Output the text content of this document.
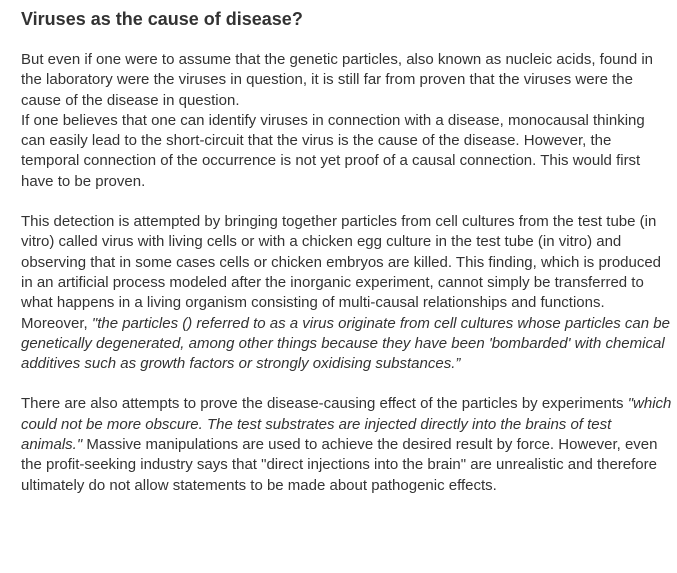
Viruses as the cause of disease?

But even if one were to assume that the genetic particles, also known as nucleic acids, found in the laboratory were the viruses in question, it is still far from proven that the viruses were the cause of the disease in question.

If one believes that one can identify viruses in connection with a disease, monocausal thinking can easily lead to the short-circuit that the virus is the cause of the disease. However, the temporal connection of the occurrence is not yet proof of a causal connection. This would first have to be proven.

This detection is attempted by bringing together particles from cell cultures from the test tube (in vitro) called virus with living cells or with a chicken egg culture in the test tube (in vitro) and observing that in some cases cells or chicken embryos are killed. This finding, which is produced in an artificial process modeled after the inorganic experiment, cannot simply be transferred to what happens in a living organism consisting of multi-causal relationships and functions. Moreover, "the particles () referred to as a virus originate from cell cultures whose particles can be genetically degenerated, among other things because they have been 'bombarded' with chemical additives such as growth factors or strongly oxidising substances.”

There are also attempts to prove the disease-causing effect of the particles by experiments "which could not be more obscure. The test substrates are injected directly into the brains of test animals." Massive manipulations are used to achieve the desired result by force. However, even the profit-seeking industry says that "direct injections into the brain" are unrealistic and therefore ultimately do not allow statements to be made about pathogenic effects.
